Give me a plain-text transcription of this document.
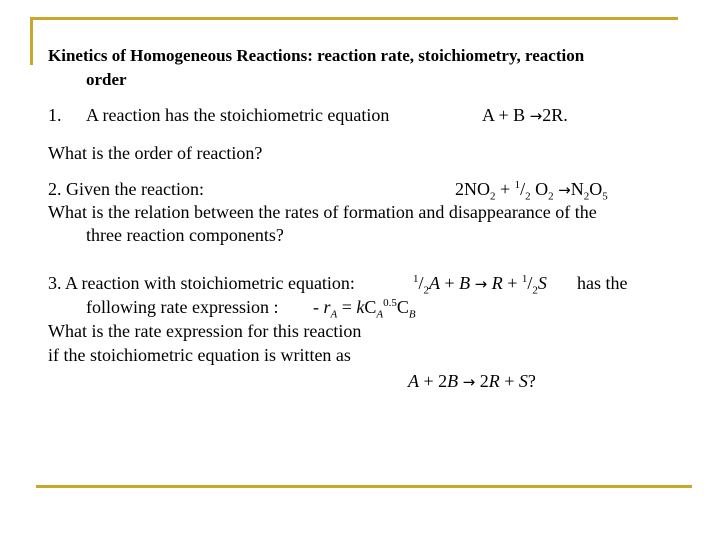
Kinetics of Homogeneous Reactions: reaction rate, stoichiometry, reaction
order
1. A reaction has the stoichiometric equation	A + B →2R.
What is the order of reaction?
2. Given the reaction:	$2NO_2 + ^1/_2$ $O_2 \to N_2O_5$
What is the relation between the rates of formation and disappearance of the
three reaction components?
3. A reaction with stoichiometric equation:	$^1/_2A + B \to R + ^1/_2S$ has the
following rate expression : - $r_A = kC_A^{0.5}C_B$
What is the rate expression for this reaction
if the stoichiometric equation is written as
A + 2B → 2R + S?
